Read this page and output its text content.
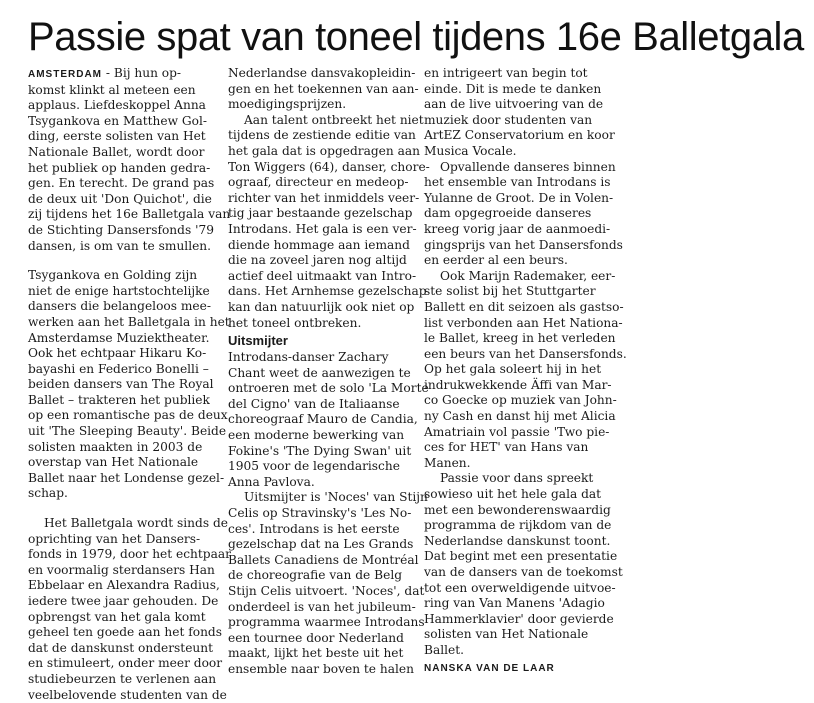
Passie spat van toneel tijdens 16e Balletgala

AMSTERDAM - Bij hun op-
komst klinkt al meteen een
applaus. Liefdeskoppel Anna
Tsygankova en Matthew Gol-
ding, eerste solisten van Het
Nationale Ballet, wordt door
het publiek op handen gedra-
gen. En terecht. De grand pas
de deux uit 'Don Quichot', die
zij tijdens het 16e Balletgala van
de Stichting Dansersfonds '79
dansen, is om van te smullen.

Tsygankova en Golding zijn
niet de enige hartstochtelijke
dansers die belangeloos mee-
werken aan het Balletgala in het
Amsterdamse Muziektheater.
Ook het echtpaar Hikaru Ko-
bayashi en Federico Bonelli –
beiden dansers van The Royal
Ballet – trakteren het publiek
op een romantische pas de deux
uit 'The Sleeping Beauty'. Beide
solisten maakten in 2003 de
overstap van Het Nationale
Ballet naar het Londense gezel-
schap.

Het Balletgala wordt sinds de
oprichting van het Dansers-
fonds in 1979, door het echtpaar
en voormalig sterdansers Han
Ebbelaar en Alexandra Radius,
iedere twee jaar gehouden. De
opbrengst van het gala komt
geheel ten goede aan het fonds
dat de danskunst ondersteunt
en stimuleert, onder meer door
studiebeurzen te verlenen aan
veelbelovende studenten van de

Nederlandse dansvakopleidin-
gen en het toekennen van aan-
moedigingsprijzen.

Aan talent ontbreekt het niet
tijdens de zestiende editie van
het gala dat is opgedragen aan
Ton Wiggers (64), danser, chore-
ograaf, directeur en medeop-
richter van het inmiddels veer-
tig jaar bestaande gezelschap
Introdans. Het gala is een ver-
diende hommage aan iemand
die na zoveel jaren nog altijd
actief deel uitmaakt van Intro-
dans. Het Arnhemse gezelschap
kan dan natuurlijk ook niet op
het toneel ontbreken.

Uitsmijter

Introdans-danser Zachary
Chant weet de aanwezigen te
ontroeren met de solo 'La Morte
del Cigno' van de Italiaanse
choreograaf Mauro de Candia,
een moderne bewerking van
Fokine's 'The Dying Swan' uit
1905 voor de legendarische
Anna Pavlova.

Uitsmijter is 'Noces' van Stijn
Celis op Stravinsky's 'Les No-
ces'. Introdans is het eerste
gezelschap dat na Les Grands
Ballets Canadiens de Montréal
de choreografie van de Belg
Stijn Celis uitvoert. 'Noces', dat
onderdeel is van het jubileum-
programma waarmee Introdans
een tournee door Nederland
maakt, lijkt het beste uit het
ensemble naar boven te halen

en intrigeert van begin tot
einde. Dit is mede te danken
aan de live uitvoering van de
muziek door studenten van
ArtEZ Conservatorium en koor
Musica Vocale.

Opvallende danseres binnen
het ensemble van Introdans is
Yulanne de Groot. De in Volen-
dam opgegroeide danseres
kreeg vorig jaar de aanmoedi-
gingsprijs van het Dansersfonds
en eerder al een beurs.

Ook Marijn Rademaker, eer-
ste solist bij het Stuttgarter
Ballett en dit seizoen als gastso-
list verbonden aan Het Nationa-
le Ballet, kreeg in het verleden
een beurs van het Dansersfonds.
Op het gala soleert hij in het
indrukwekkende Äffi van Mar-
co Goecke op muziek van John-
ny Cash en danst hij met Alicia
Amatriain vol passie 'Two pie-
ces for HET' van Hans van
Manen.

Passie voor dans spreekt
sowieso uit het hele gala dat
met een bewonderenswaardig
programma de rijkdom van de
Nederlandse danskunst toont.
Dat begint met een presentatie
van de dansers van de toekomst
tot een overweldigende uitvoe-
ring van Van Manens 'Adagio
Hammerklavier' door gevierde
solisten van Het Nationale
Ballet.

NANSKA VAN DE LAAR
